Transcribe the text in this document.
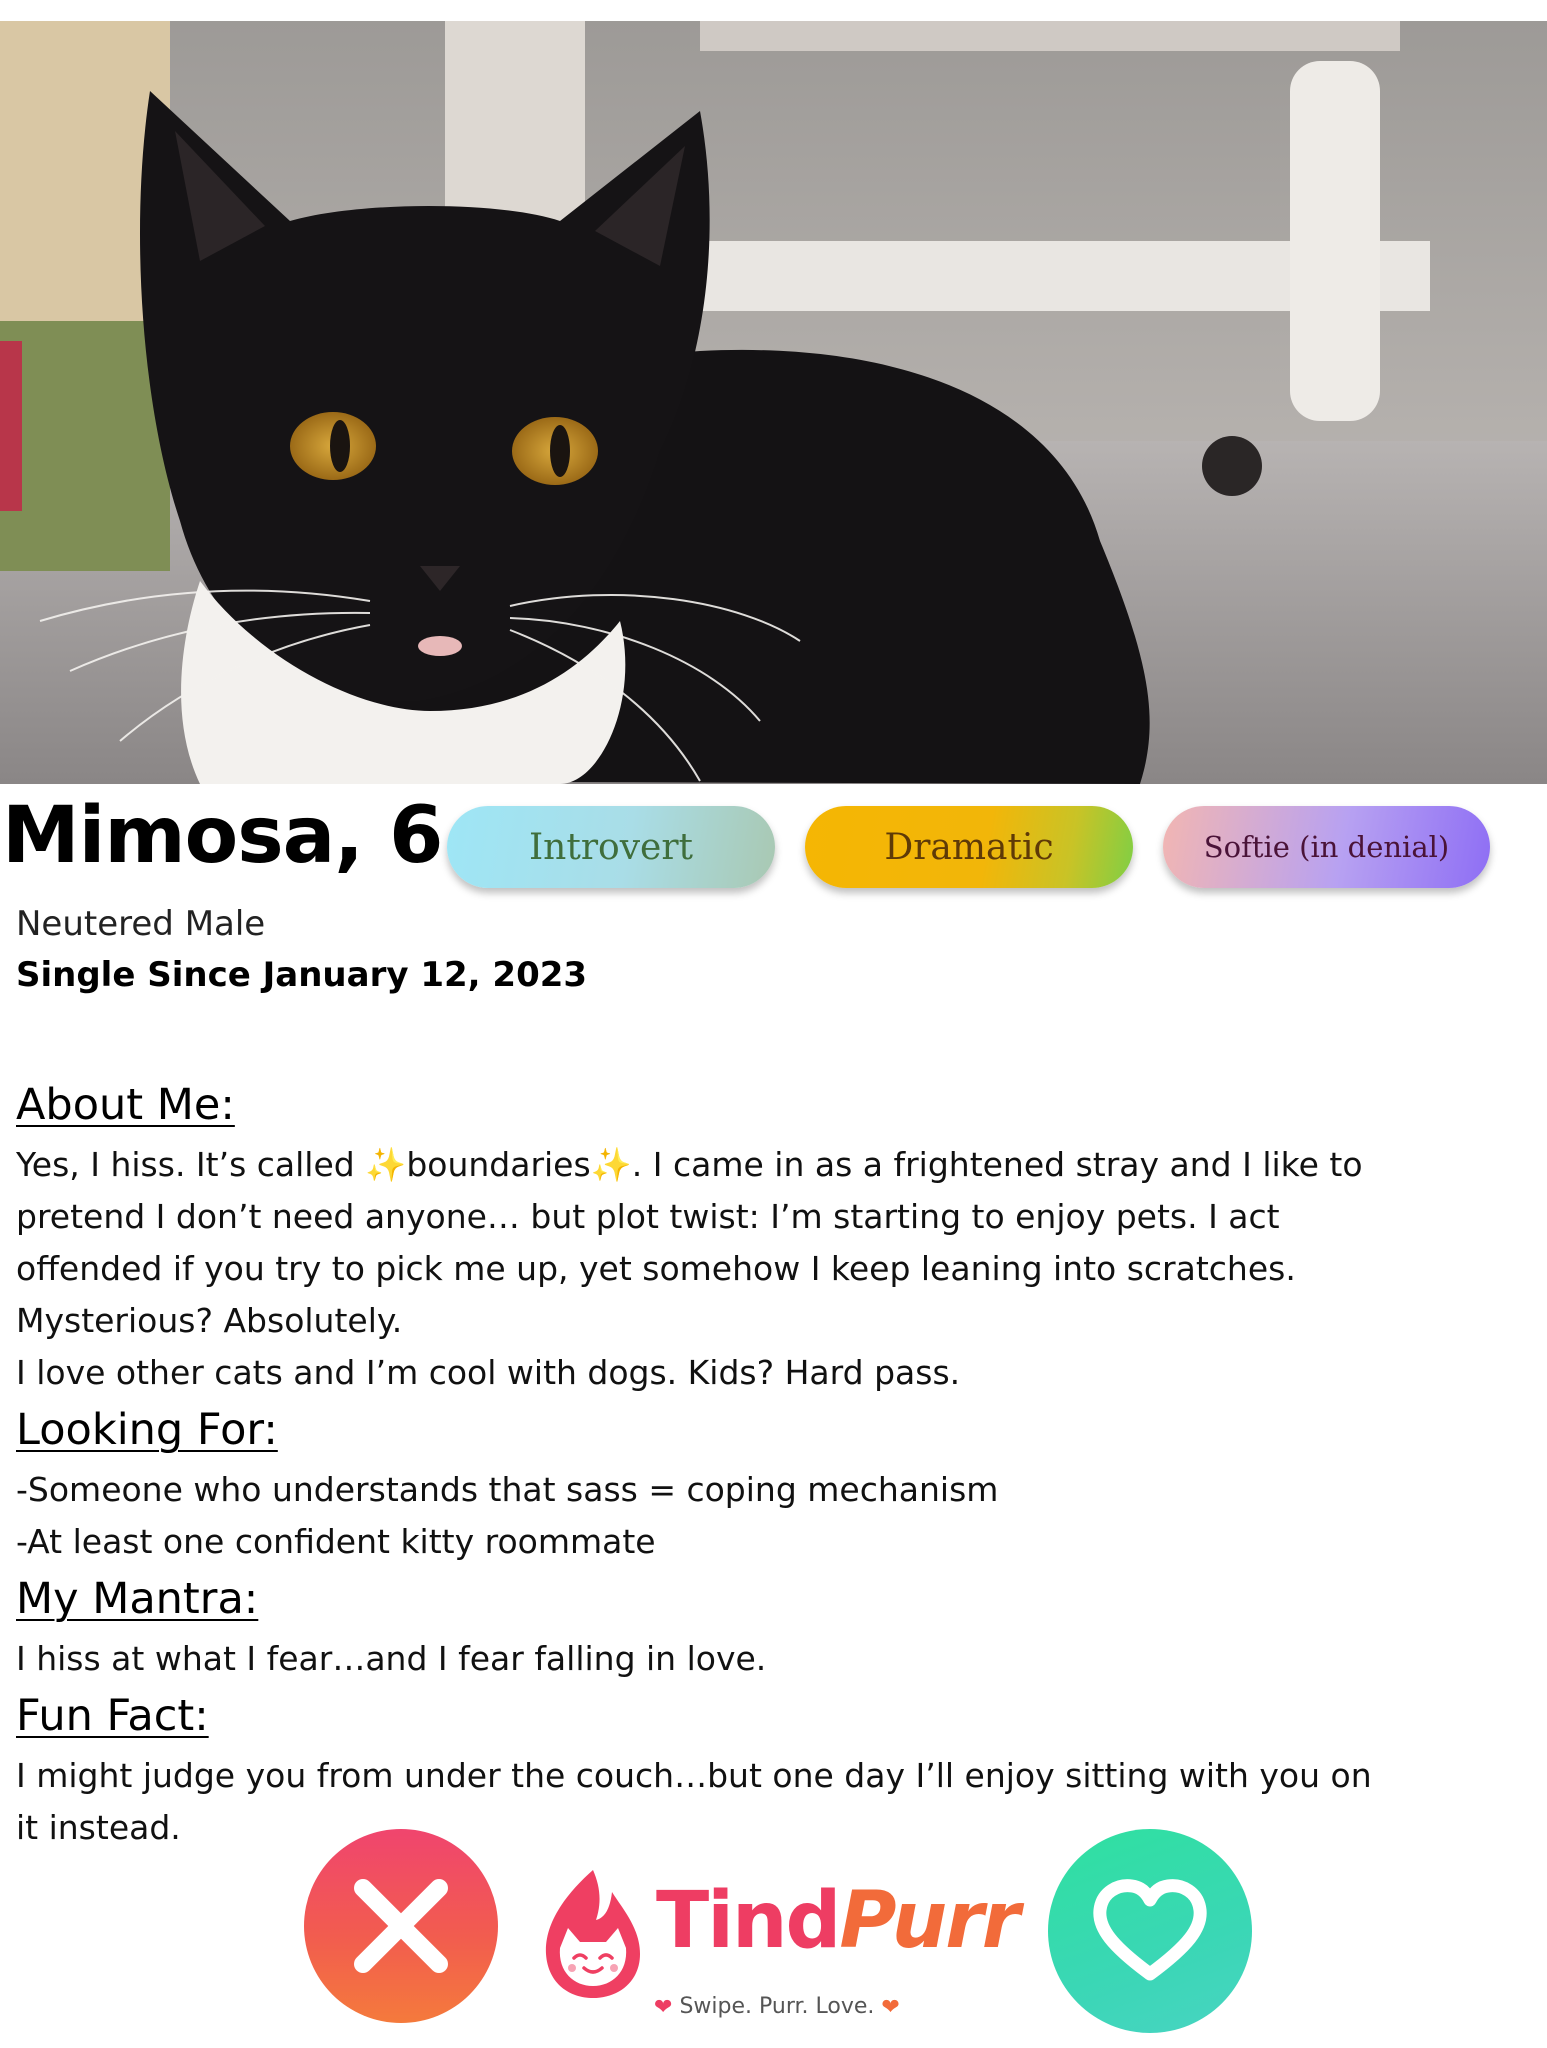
Mimosa, 6 Introvert	Dramatic	Softie (in denial)

Neutered Male

Single Since January 12, 2023

About Me:

Yes, I hiss. It’s called ✨boundaries✨. I came in as a frightened stray and I like to

pretend I don’t need anyone… but plot twist: I’m starting to enjoy pets. I act

offended if you try to pick me up, yet somehow I keep leaning into scratches.

Mysterious? Absolutely.

I love other cats and I’m cool with dogs. Kids? Hard pass.

Looking For:

-Someone who understands that sass = coping mechanism

-At least one confident kitty roommate

My Mantra:

I hiss at what I fear…and I fear falling in love.

Fun Fact:

I might judge you from under the couch…but one day I’ll enjoy sitting with you on

it instead.

TindPurr
❤ Swipe. Purr. Love. ❤
